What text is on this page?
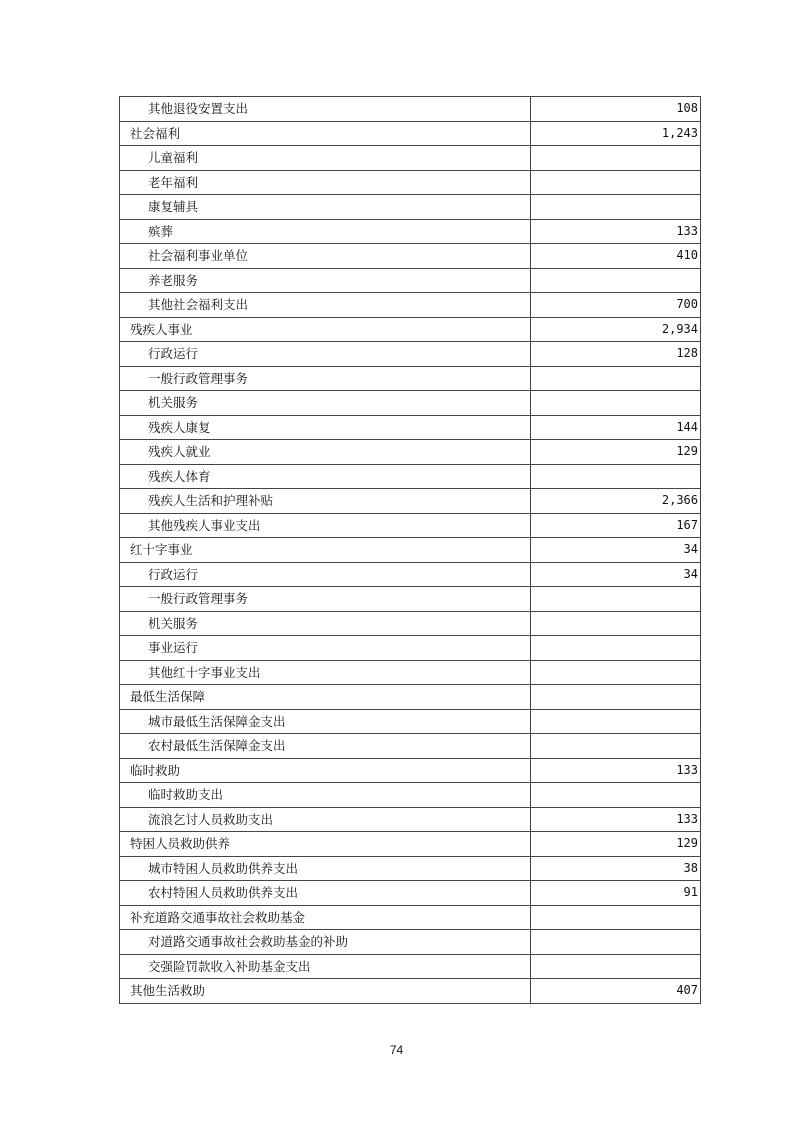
其他退役安置支出	108
社会福利	1,243
儿童福利	
老年福利	
康复辅具	
殡葬	133
社会福利事业单位	410
养老服务	
其他社会福利支出	700
残疾人事业	2,934
行政运行	128
一般行政管理事务	
机关服务	
残疾人康复	144
残疾人就业	129
残疾人体育	
残疾人生活和护理补贴	2,366
其他残疾人事业支出	167
红十字事业	34
行政运行	34
一般行政管理事务	
机关服务	
事业运行	
其他红十字事业支出	
最低生活保障	
城市最低生活保障金支出	
农村最低生活保障金支出	
临时救助	133
临时救助支出	
流浪乞讨人员救助支出	133
特困人员救助供养	129
城市特困人员救助供养支出	38
农村特困人员救助供养支出	91
补充道路交通事故社会救助基金	
对道路交通事故社会救助基金的补助	
交强险罚款收入补助基金支出	
其他生活救助	407
74
